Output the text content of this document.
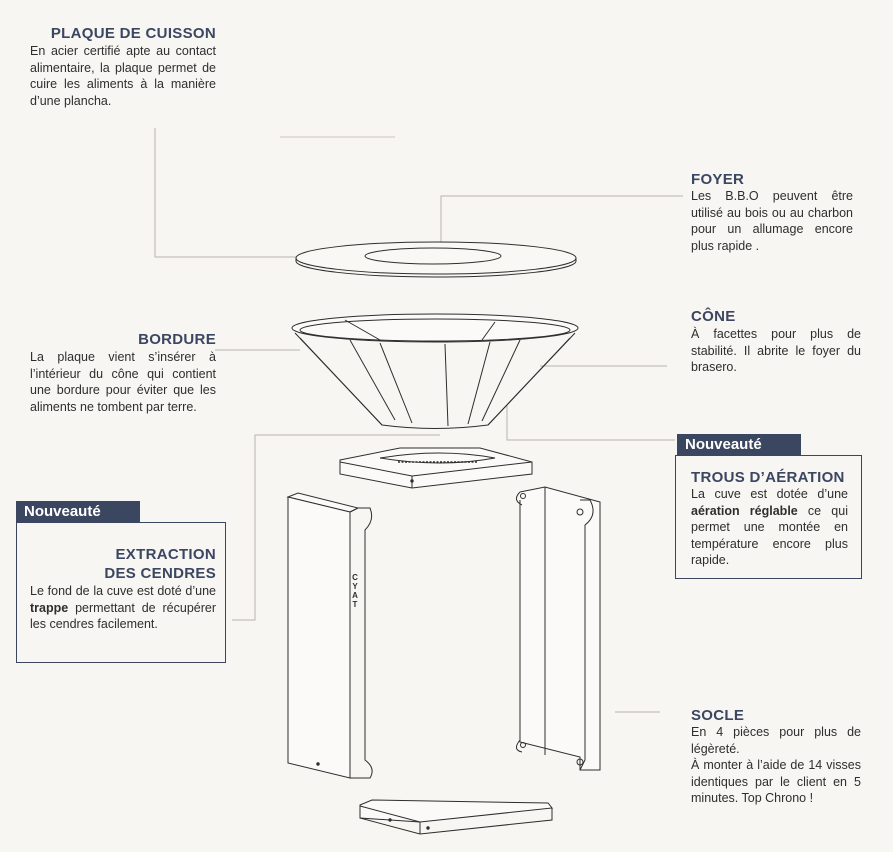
CYAT
PLAQUE DE CUISSON

En acier certifié apte au contact alimentaire, la plaque permet de cuire les aliments à la manière d’une plancha.

FOYER

Les B.B.O peuvent être utilisé au bois ou au charbon pour un allumage encore plus rapide .

BORDURE

La plaque vient s’insérer à l’intérieur du cône qui contient une bordure pour éviter que les aliments ne tombent par terre.

CÔNE

À facettes pour plus de stabilité. Il abrite le foyer du brasero.

Nouveauté
TROUS D’AÉRATION

La cuve est dotée d’une aération réglable ce qui permet une montée en température encore plus rapide.

Nouveauté
EXTRACTION
DES CENDRES

Le fond de la cuve est doté d’une trappe permettant de récupérer les cendres facilement.

SOCLE

En 4 pièces pour plus de légèreté.

À monter à l’aide de 14 visses identiques par le client en 5 minutes. Top Chrono !
